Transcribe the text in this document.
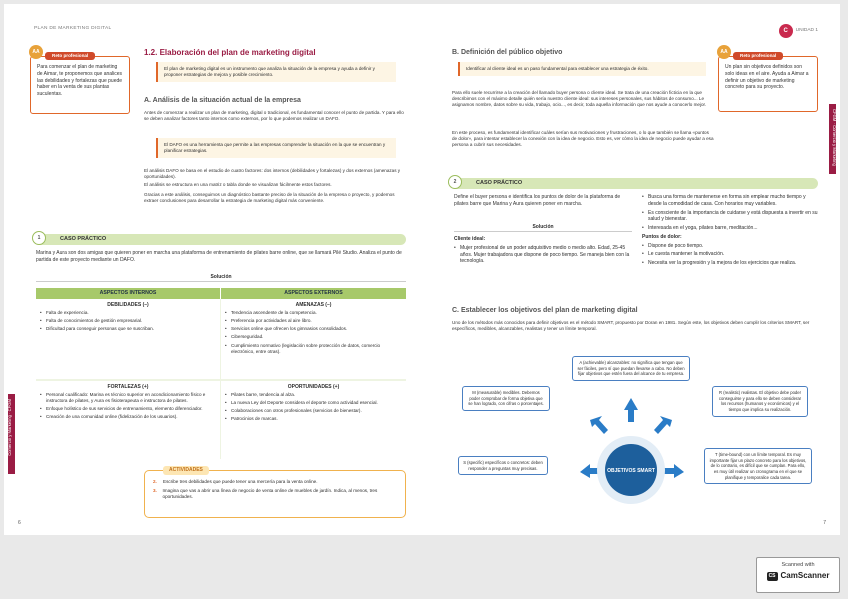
PLAN DE MARKETING DIGITAL
Comercio y Marketing · CFGM
AA
Reto profesional
Para comenzar el plan de marketing de Aimar, te proponemos que analices las debilidades y fortalezas que puede haber en la venta de sus plantas suculentas.
1.2. Elaboración del plan de marketing digital
El plan de marketing digital es un instrumento que analiza la situación de la empresa y ayuda a definir y proponer estrategias de mejora y posible crecimiento.
A. Análisis de la situación actual de la empresa
Antes de comenzar a realizar un plan de marketing, digital o tradicional, es fundamental conocer el punto de partida. Y para ello se deben analizar factores tanto internos como externos, por lo que podemos realizar un DAFO.
El DAFO es una herramienta que permite a las empresas comprender la situación en la que se encuentran y planificar estrategias.
El análisis DAFO se basa en el estudio de cuatro factores: dos internos (debilidades y fortalezas) y dos externos (amenazas y oportunidades).
El análisis se estructura en una matriz o tabla donde se visualizan fácilmente estos factores.
Gracias a este análisis, conseguimos un diagnóstico bastante preciso de la situación de la empresa o proyecto, y podemos extraer conclusiones para desarrollar la estrategia de marketing digital más conveniente.
1	CASO PRÁCTICO
Marina y Aura son dos amigas que quieren poner en marcha una plataforma de entrenamiento de pilates barre online, que se llamará Pilé Studio. Analiza el punto de partida de este proyecto mediante un DAFO.
Solución
ASPECTOS INTERNOS	ASPECTOS EXTERNOS
DEBILIDADES (–)
• Falta de experiencia.
• Falta de conocimientos de gestión empresarial.
• Dificultad para conseguir personas que se suscriban.
AMENAZAS (–)
• Tendencia ascendente de la competencia.
• Preferencia por actividades al aire libro.
• Servicios online que ofrecen los gimnasios consolidados.
• Ciberseguridad.
• Cumplimiento normativo (legislación sobre protección de datos, comercio electrónico, entre otras).
FORTALEZAS (+)
• Personal cualificado: Marina es técnico superior en acondicionamiento físico e instructora de pilates, y Aura es fisioterapeuta e instructora de pilates.
• Enfoque holístico de sus servicios de entrenamiento, elemento diferenciador.
• Creación de una comunidad online (fidelización de los usuarios).
OPORTUNIDADES (+)
• Pilates barre, tendencia al alza.
• La nueva Ley del Deporte considera el deporte como actividad esencial.
• Colaboraciones con otros profesionales (servicios de bienestar).
• Patrocinios de marcas.
ACTIVIDADES
2.	Escribe tres debilidades que puede tener una mercería para la venta online.
3.	Imagina que vas a abrir una línea de negocio de venta online de muebles de jardín. Indica, al menos, tres oportunidades.
6
C	UNIDAD 1
CFGM · Comercio y Marketing
B. Definición del público objetivo
Identificar al cliente ideal es un paso fundamental para establecer una estrategia de éxito.
AA
Reto profesional
Un plan sin objetivos definidos son solo ideas en el aire. Ayuda a Aimar a definir un objetivo de marketing concreto para su proyecto.
Para ello suele recurrirse a la creación del llamado buyer persona o cliente ideal. Se trata de una creación ficticia en la que describimos con el máximo detalle quién sería nuestro cliente ideal: sus intereses personales, sus hábitos de consumo... Le asignamos nombre, datos sobre su vida, trabajo, ocio..., es decir, toda aquella información que nos ayude a conocerlo mejor.
En este proceso, es fundamental identificar cuáles serían sus motivaciones y frustraciones, o lo que también se llama «puntos de dolor», para intentar establecer la conexión con la idea de negocio. Esto es, ver cómo la idea de negocio puede ayudar a esa persona a cubrir sus necesidades.
2	CASO PRÁCTICO
Define el buyer persona e identifica los puntos de dolor de la plataforma de pilates barre que Marina y Aura quieren poner en marcha.
Solución
Cliente ideal:
• Mujer profesional de un poder adquisitivo medio o medio alto. Edad, 25-45 años. Mujer trabajadora que dispone de poco tiempo. Se maneja bien con la tecnología.
• Busca una forma de mantenerse en forma sin emplear mucho tiempo y desde la comodidad de casa. Con horarios muy variables.
• Es consciente de la importancia de cuidarse y está dispuesta a invertir en su salud y bienestar.
• Interesada en el yoga, pilates barre, meditación...
Puntos de dolor:
• Dispone de poco tiempo.
• Le cuesta mantener la motivación.
• Necesita ver la progresión y la mejora de los ejercicios que realiza.
C. Establecer los objetivos del plan de marketing digital
Uno de los métodos más conocidos para definir objetivos es el método SMART, propuesto por Doran en 1981. Según este, los objetivos deben cumplir los criterios SMART, ser específicos, medibles, alcanzables, realistas y tener un límite temporal.
OBJETIVOS SMART
A (achievable) alcanzables: no significa que tengan que ser fáciles, pero sí que puedan llevarse a cabo. No deben fijar objetivos que estén fuera del alcance de tu empresa.
M (measurable) medibles. Debemos poder comprobar de forma objetiva que se han logrado, con cifras o porcentajes.
R (realistic) realistas. El objetivo debe poder conseguirse y para ello se deben considerar los recursos (humanos y económicos) y el tiempo que implica su realización.
S (specific) específicos o concretos: deben responder a preguntas muy precisas.
T (time-bound) con un límite temporal. Es muy importante fijar un plazo concreto para los objetivos, de lo contrario, es difícil que se cumplan. Para ello, es muy útil realizar un cronograma en el que se planifique y temporalice cada tarea.
7
Scanned with
CS CamScanner
